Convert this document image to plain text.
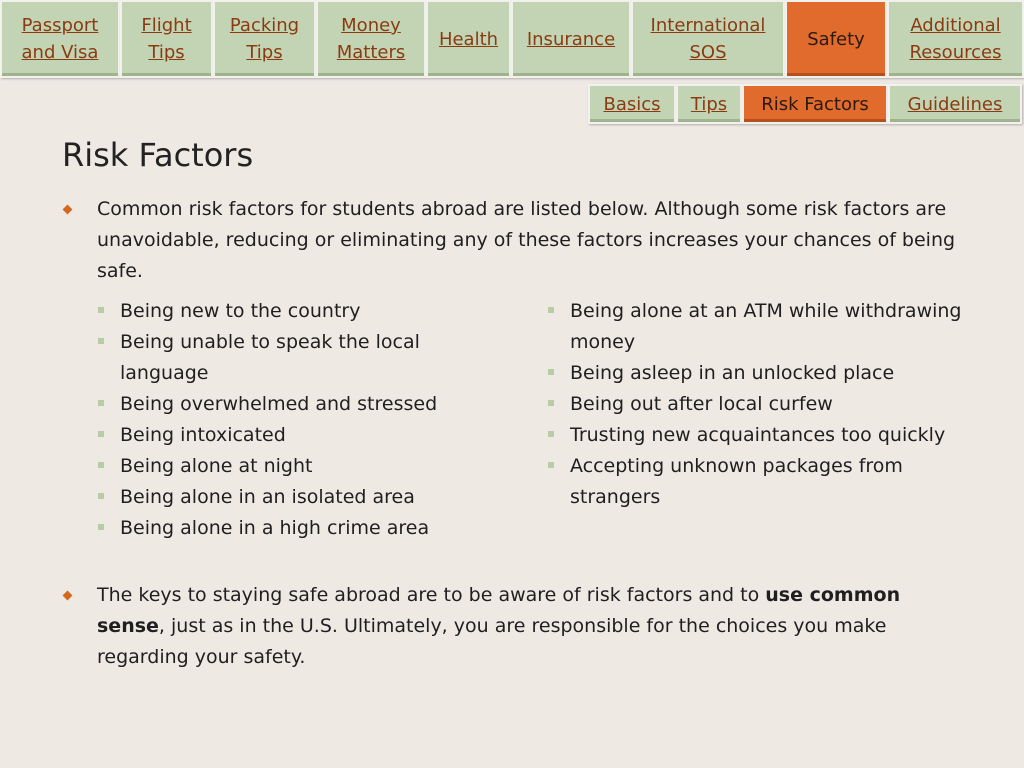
Passport
and Visa
Flight
Tips
Packing
Tips
Money
Matters
Health Insurance
International
SOS
Safety
Additional
Resources
Basics Tips Risk Factors Guidelines
Risk Factors
Common risk factors for students abroad are listed below. Although some risk factors are unavoidable, reducing or eliminating any of these factors increases your chances of being safe.
Being new to the country
Being unable to speak the local language
Being overwhelmed and stressed
Being intoxicated
Being alone at night
Being alone in an isolated area
Being alone in a high crime area
Being alone at an ATM while withdrawing money
Being asleep in an unlocked place
Being out after local curfew
Trusting new acquaintances too quickly
Accepting unknown packages from strangers
The keys to staying safe abroad are to be aware of risk factors and to use common sense, just as in the U.S. Ultimately, you are responsible for the choices you make regarding your safety.
